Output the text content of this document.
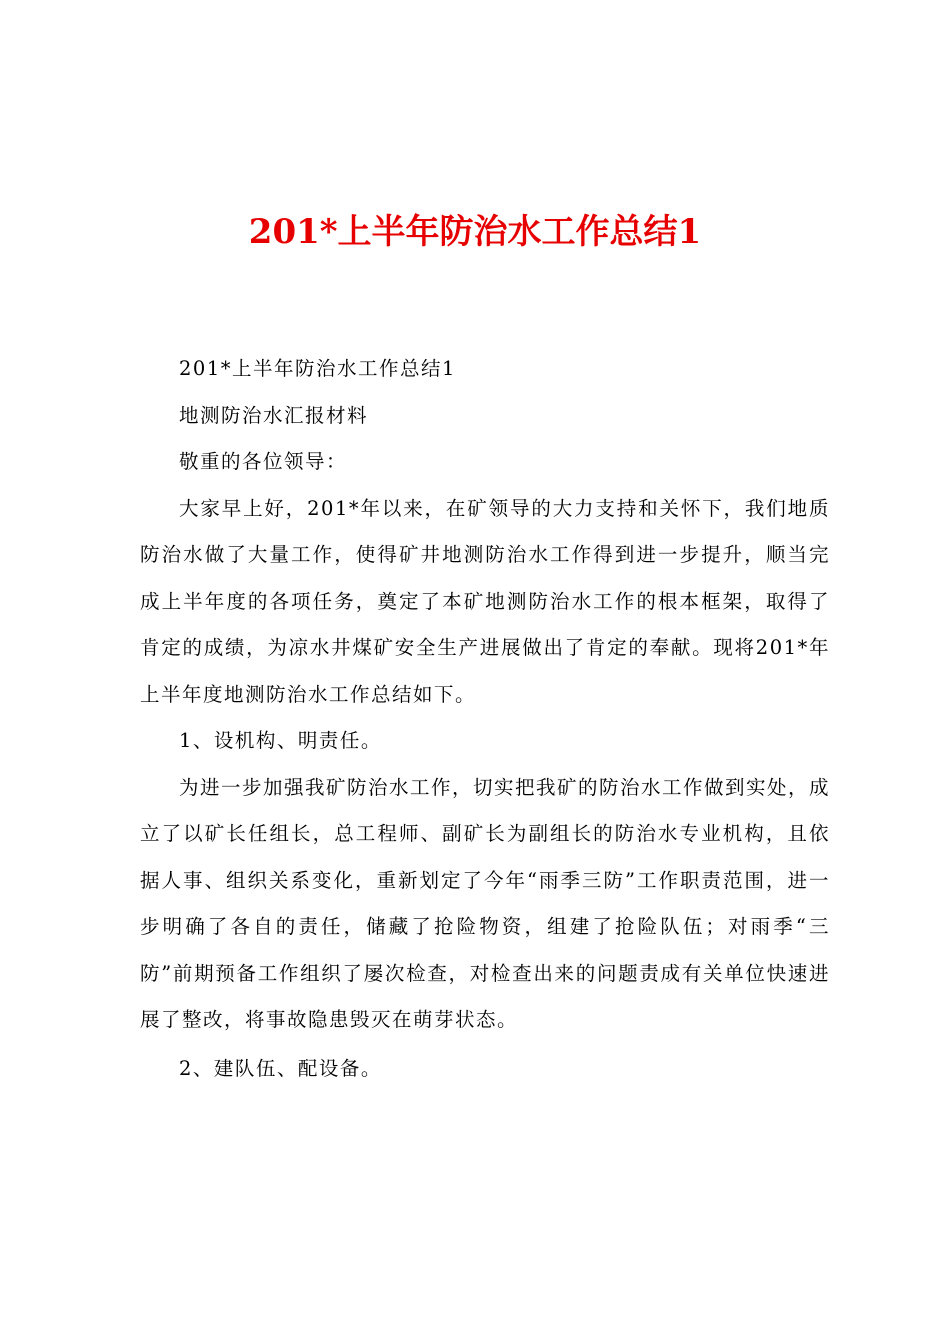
201*上半年防治水工作总结1

201*上半年防治水工作总结1

地测防治水汇报材料

敬重的各位领导：

大家早上好，201*年以来，在矿领导的大力支持和关怀下，我们地质防治水做了大量工作，使得矿井地测防治水工作得到进一步提升，顺当完成上半年度的各项任务，奠定了本矿地测防治水工作的根本框架，取得了肯定的成绩，为凉水井煤矿安全生产进展做出了肯定的奉献。现将201*年上半年度地测防治水工作总结如下。

1、设机构、明责任。

为进一步加强我矿防治水工作，切实把我矿的防治水工作做到实处，成立了以矿长任组长，总工程师、副矿长为副组长的防治水专业机构，且依据人事、组织关系变化，重新划定了今年“雨季三防”工作职责范围，进一步明确了各自的责任，储藏了抢险物资，组建了抢险队伍；对雨季“三防”前期预备工作组织了屡次检查，对检查出来的问题责成有关单位快速进展了整改，将事故隐患毁灭在萌芽状态。

2、建队伍、配设备。
